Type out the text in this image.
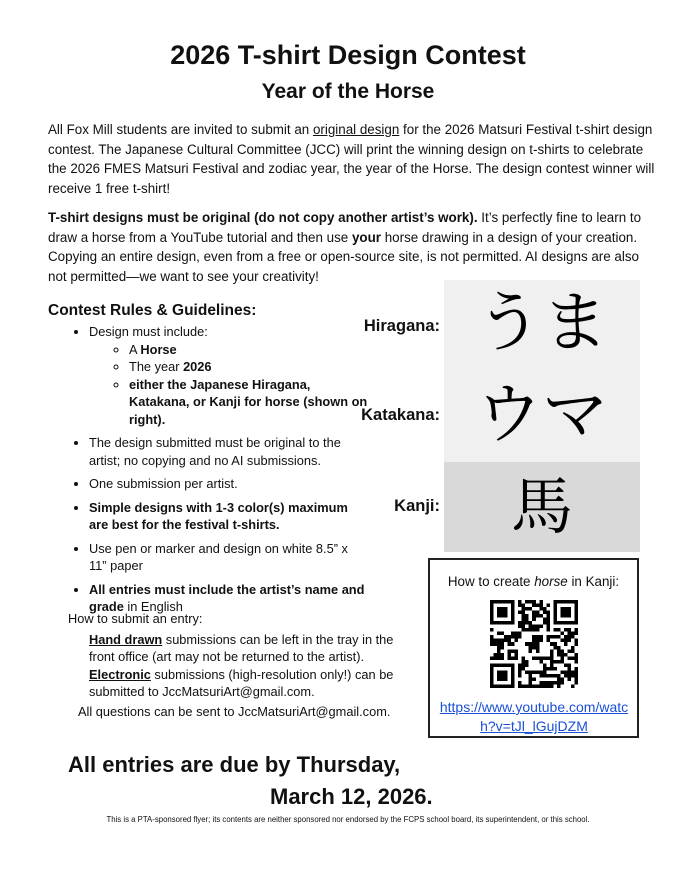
2026 T-shirt Design Contest
Year of the Horse

All Fox Mill students are invited to submit an original design for the 2026 Matsuri Festival t-shirt design contest. The Japanese Cultural Committee (JCC) will print the winning design on t-shirts to celebrate the 2026 FMES Matsuri Festival and zodiac year, the year of the Horse. The design contest winner will receive 1 free t-shirt!

T-shirt designs must be original (do not copy another artist’s work). It’s perfectly fine to learn to draw a horse from a YouTube tutorial and then use your horse drawing in a design of your creation. Copying an entire design, even from a free or open-source site, is not permitted. AI designs are also not permitted—we want to see your creativity!

Contest Rules & Guidelines:
• Design must include:
◦ A Horse
◦ The year 2026
◦ either the Japanese Hiragana, Katakana, or Kanji for horse (shown on right).
• The design submitted must be original to the artist; no copying and no AI submissions.
• One submission per artist.
• Simple designs with 1-3 color(s) maximum are best for the festival t-shirts.
• Use pen or marker and design on white 8.5” x 11” paper
• All entries must include the artist’s name and grade in English

How to submit an entry:

Hand drawn submissions can be left in the tray in the front office (art may not be returned to the artist).

Electronic submissions (high-resolution only!) can be submitted to JccMatsuriArt@gmail.com.

All questions can be sent to JccMatsuriArt@gmail.com.

Hiragana: うま

Katakana: ウマ

Kanji:	馬

How to create horse in Kanji:

https://www.youtube.com/watch?v=tJl_lGujDZM

All entries are due by Thursday,

March 12, 2026.

This is a PTA-sponsored flyer; its contents are neither sponsored nor endorsed by the FCPS school board, its superintendent, or this school.
